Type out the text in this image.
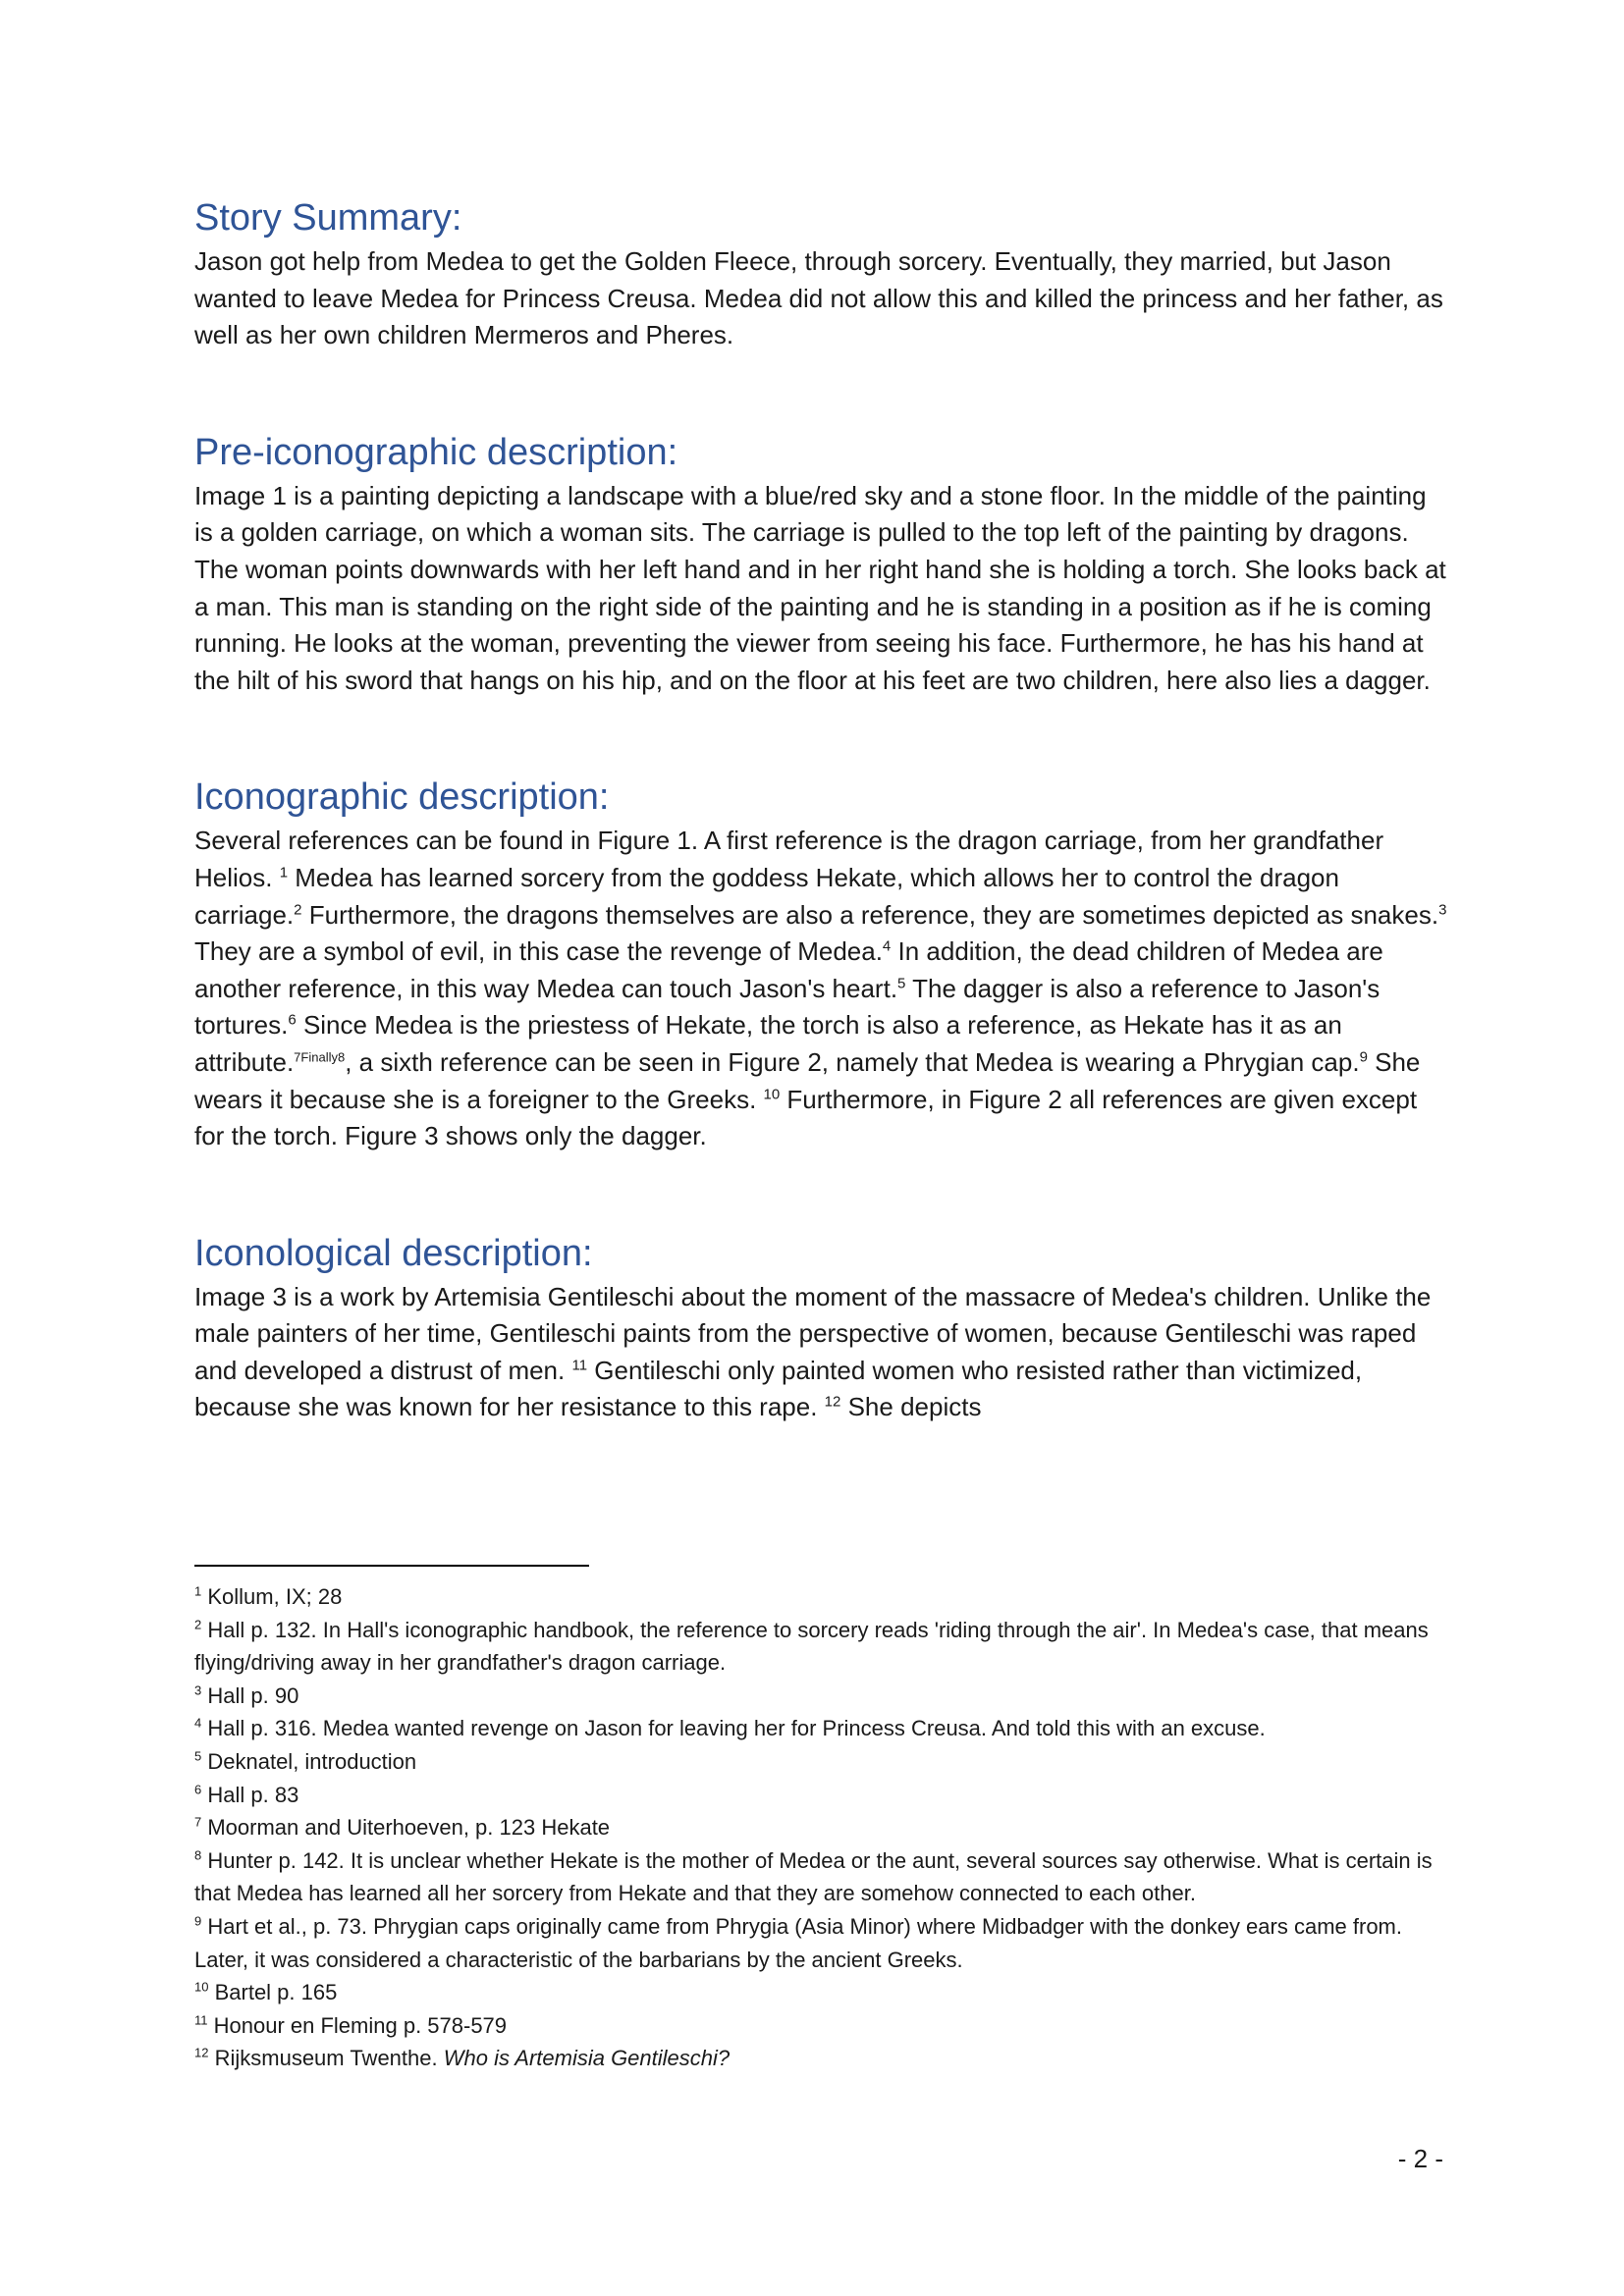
Story Summary:

Jason got help from Medea to get the Golden Fleece, through sorcery. Eventually, they married, but Jason wanted to leave Medea for Princess Creusa. Medea did not allow this and killed the princess and her father, as well as her own children Mermeros and Pheres.

Pre-iconographic description:

Image 1 is a painting depicting a landscape with a blue/red sky and a stone floor. In the middle of the painting is a golden carriage, on which a woman sits. The carriage is pulled to the top left of the painting by dragons. The woman points downwards with her left hand and in her right hand she is holding a torch. She looks back at a man. This man is standing on the right side of the painting and he is standing in a position as if he is coming running. He looks at the woman, preventing the viewer from seeing his face. Furthermore, he has his hand at the hilt of his sword that hangs on his hip, and on the floor at his feet are two children, here also lies a dagger.

Iconographic description:

Several references can be found in Figure 1. A first reference is the dragon carriage, from her grandfather Helios. $^1$ Medea has learned sorcery from the goddess Hekate, which allows her to control the dragon carriage.$^2$ Furthermore, the dragons themselves are also a reference, they are sometimes depicted as snakes.$^3$ They are a symbol of evil, in this case the revenge of Medea.$^4$ In addition, the dead children of Medea are another reference, in this way Medea can touch Jason's heart.$^5$ The dagger is also a reference to Jason's tortures.$^6$ Since Medea is the priestess of Hekate, the torch is also a reference, as Hekate has it as an attribute.$^{7Finally8}$, a sixth reference can be seen in Figure 2, namely that Medea is wearing a Phrygian cap.$^9$ She wears it because she is a foreigner to the Greeks. $^{10}$ Furthermore, in Figure 2 all references are given except for the torch. Figure 3 shows only the dagger.

Iconological description:

Image 3 is a work by Artemisia Gentileschi about the moment of the massacre of Medea's children. Unlike the male painters of her time, Gentileschi paints from the perspective of women, because Gentileschi was raped and developed a distrust of men. $^{11}$ Gentileschi only painted women who resisted rather than victimized, because she was known for her resistance to this rape. $^{12}$ She depicts

$^1$ Kollum, IX; 28

$^2$ Hall p. 132. In Hall's iconographic handbook, the reference to sorcery reads 'riding through the air'. In Medea's case, that means flying/driving away in her grandfather's dragon carriage.

$^3$ Hall p. 90

$^4$ Hall p. 316. Medea wanted revenge on Jason for leaving her for Princess Creusa. And told this with an excuse.

$^5$ Deknatel, introduction

$^6$ Hall p. 83

$^7$ Moorman and Uiterhoeven, p. 123 Hekate

$^8$ Hunter p. 142. It is unclear whether Hekate is the mother of Medea or the aunt, several sources say otherwise. What is certain is that Medea has learned all her sorcery from Hekate and that they are somehow connected to each other.

$^9$ Hart et al., p. 73. Phrygian caps originally came from Phrygia (Asia Minor) where Midbadger with the donkey ears came from. Later, it was considered a characteristic of the barbarians by the ancient Greeks.

$^{10}$ Bartel p. 165

$^{11}$ Honour en Fleming p. 578-579

$^{12}$ Rijksmuseum Twenthe. Who is Artemisia Gentileschi?

- 2 -
